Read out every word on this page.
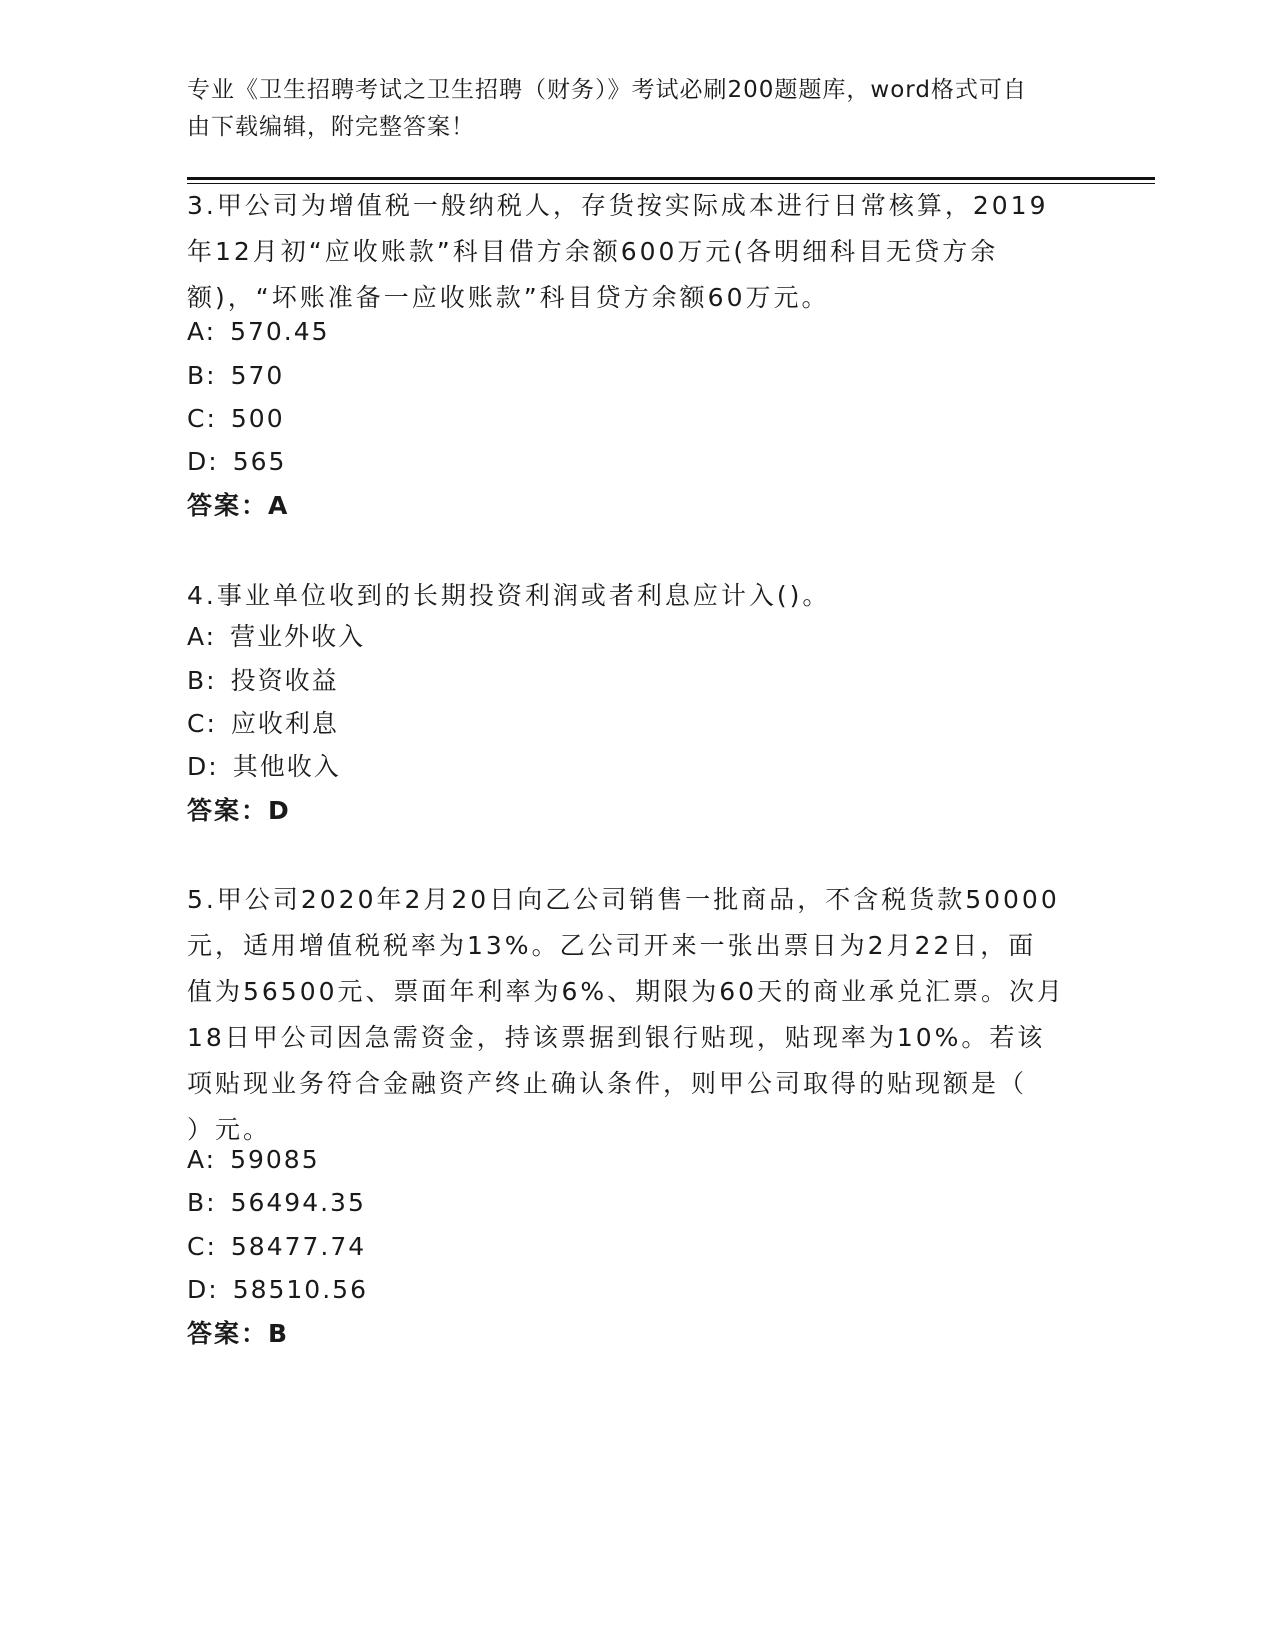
专业《卫生招聘考试之卫生招聘（财务）》考试必刷200题题库，word格式可自
由下载编辑，附完整答案！
3.甲公司为增值税一般纳税人，存货按实际成本进行日常核算，2019
年12月初“应收账款”科目借方余额600万元(各明细科目无贷方余
额)，“坏账准备一应收账款”科目贷方余额60万元。
A: 570.45
B: 570
C: 500
D: 565
答案：A
4.事业单位收到的长期投资利润或者利息应计入()。
A: 营业外收入
B: 投资收益
C: 应收利息
D: 其他收入
答案：D
5.甲公司2020年2月20日向乙公司销售一批商品，不含税货款50000
元，适用增值税税率为13%。乙公司开来一张出票日为2月22日，面
值为56500元、票面年利率为6%、期限为60天的商业承兑汇票。次月
18日甲公司因急需资金，持该票据到银行贴现，贴现率为10%。若该
项贴现业务符合金融资产终止确认条件，则甲公司取得的贴现额是（
）元。
A: 59085
B: 56494.35
C: 58477.74
D: 58510.56
答案：B
